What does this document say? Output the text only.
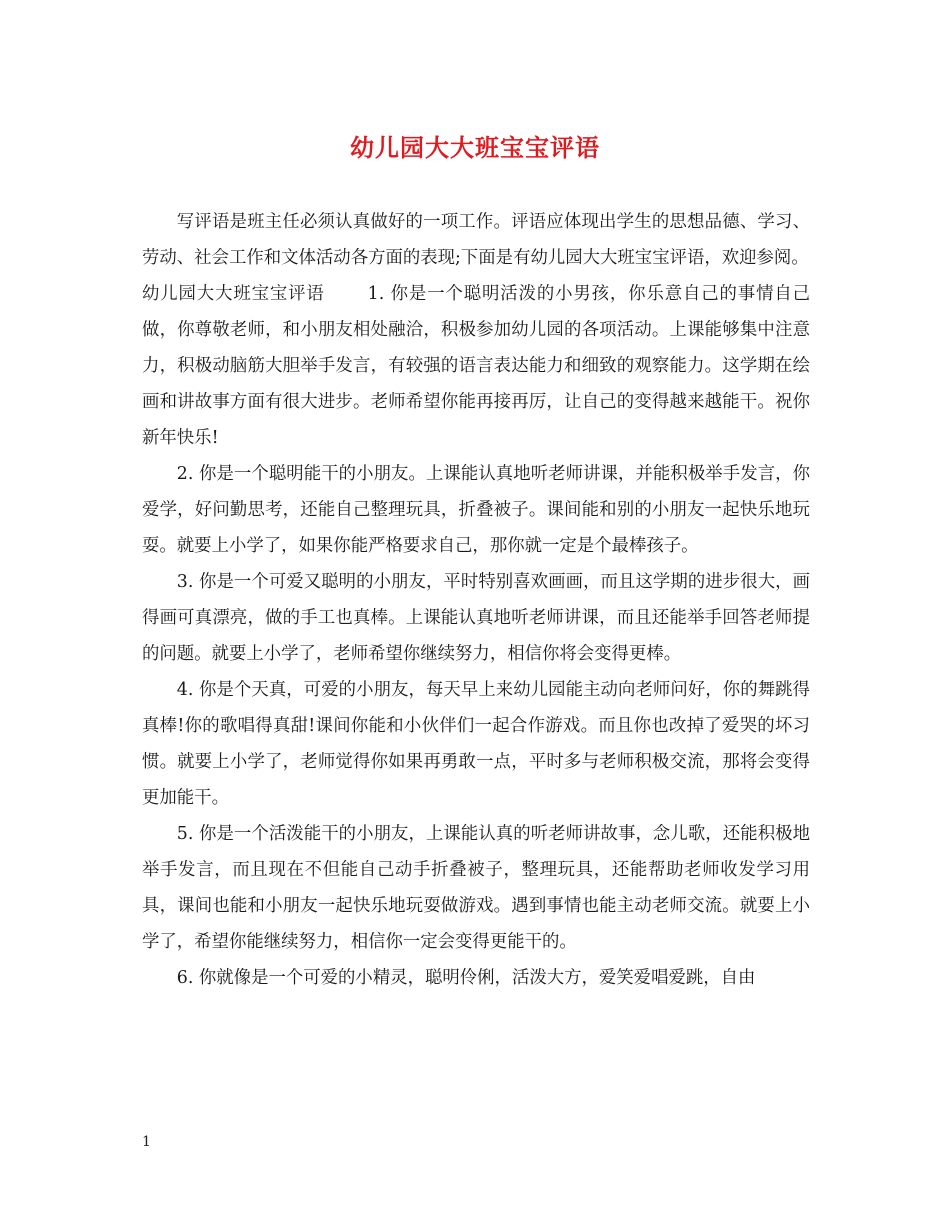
幼儿园大大班宝宝评语

写评语是班主任必须认真做好的一项工作。评语应体现出学生的思想品德、学习、劳动、社会工作和文体活动各方面的表现;下面是有幼儿园大大班宝宝评语，欢迎参阅。

幼儿园大大班宝宝评语　　 1. 你是一个聪明活泼的小男孩，你乐意自己的事情自己做，你尊敬老师，和小朋友相处融洽，积极参加幼儿园的各项活动。上课能够集中注意力，积极动脑筋大胆举手发言，有较强的语言表达能力和细致的观察能力。这学期在绘画和讲故事方面有很大进步。老师希望你能再接再厉，让自己的变得越来越能干。祝你新年快乐!

2. 你是一个聪明能干的小朋友。上课能认真地听老师讲课，并能积极举手发言，你爱学，好问勤思考，还能自己整理玩具，折叠被子。课间能和别的小朋友一起快乐地玩耍。就要上小学了，如果你能严格要求自己，那你就一定是个最棒孩子。

3. 你是一个可爱又聪明的小朋友，平时特别喜欢画画，而且这学期的进步很大，画得画可真漂亮，做的手工也真棒。上课能认真地听老师讲课，而且还能举手回答老师提的问题。就要上小学了，老师希望你继续努力，相信你将会变得更棒。

4. 你是个天真，可爱的小朋友，每天早上来幼儿园能主动向老师问好，你的舞跳得真棒!你的歌唱得真甜!课间你能和小伙伴们一起合作游戏。而且你也改掉了爱哭的坏习惯。就要上小学了，老师觉得你如果再勇敢一点，平时多与老师积极交流，那将会变得更加能干。

5. 你是一个活泼能干的小朋友，上课能认真的听老师讲故事，念儿歌，还能积极地举手发言，而且现在不但能自己动手折叠被子，整理玩具，还能帮助老师收发学习用具，课间也能和小朋友一起快乐地玩耍做游戏。遇到事情也能主动老师交流。就要上小学了，希望你能继续努力，相信你一定会变得更能干的。

6. 你就像是一个可爱的小精灵，聪明伶俐，活泼大方，爱笑爱唱爱跳，自由

1
